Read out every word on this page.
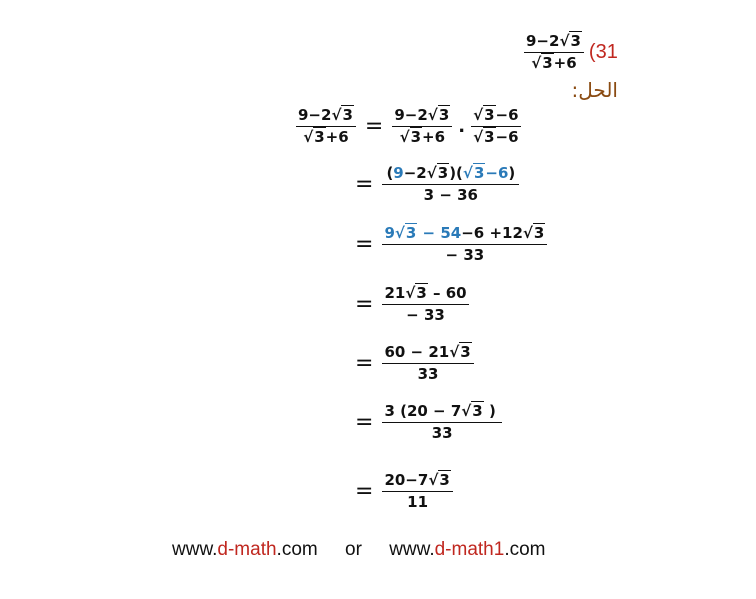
$\frac{9-2√3}{√3+6} (31$
الحل:
$\frac{9-2√3}{√3+6} = \frac{9-2√3}{√3+6}$ . $\frac{√3-6}{√3-6}$
= $\frac{(9-2√3)(√3-6)}{3 - 36}$
= $\frac{9√3 - 54-6 +12√3}{- 33}$
= $\frac{21√3 - 60}{- 33}$
= $\frac{60 - 21√3}{33}$
= $\frac{3 (20 - 7√3 )}{33}$
= $\frac{20-7√3}{11}$
www.d-math.com or www.d-math1.com
